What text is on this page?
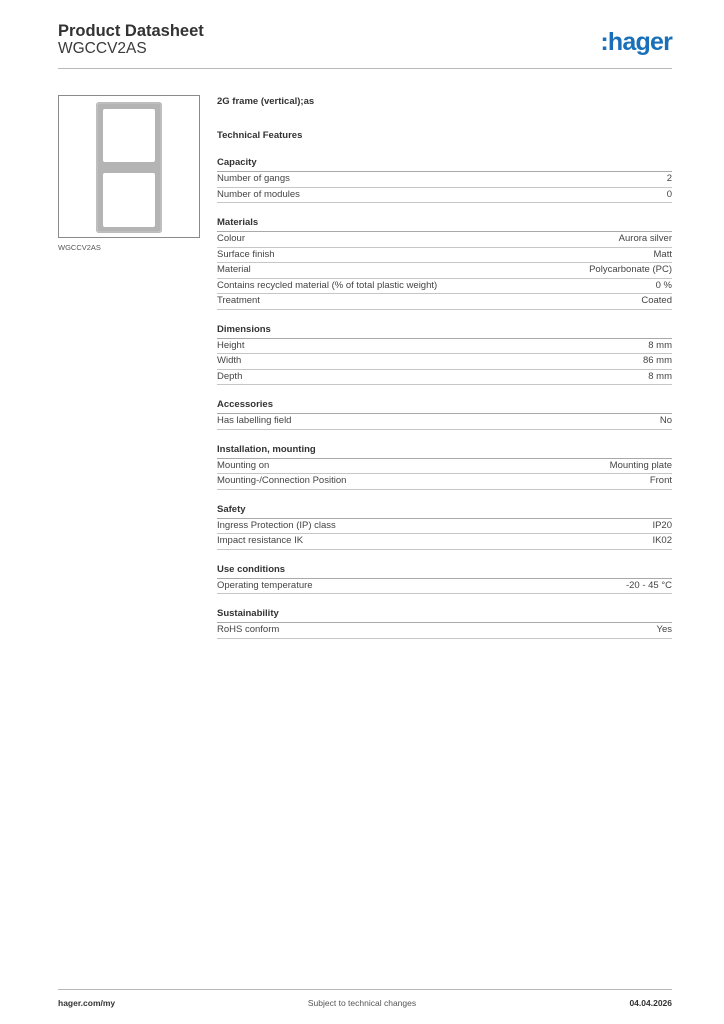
Product Datasheet
WGCCV2AS	:hager
WGCCV2AS
2G frame (vertical);as
Technical Features
Capacity
Number of gangs	2
Number of modules	0
Materials
Colour	Aurora silver
Surface finish	Matt
Material	Polycarbonate (PC)
Contains recycled material (% of total plastic weight)	0 %
Treatment	Coated
Dimensions
Height	8 mm
Width	86 mm
Depth	8 mm
Accessories
Has labelling field	No
Installation, mounting
Mounting on	Mounting plate
Mounting-/Connection Position	Front
Safety
Ingress Protection (IP) class	IP20
Impact resistance IK	IK02
Use conditions
Operating temperature	-20 - 45 °C
Sustainability
RoHS conform	Yes
hager.com/my	Subject to technical changes	04.04.2026
